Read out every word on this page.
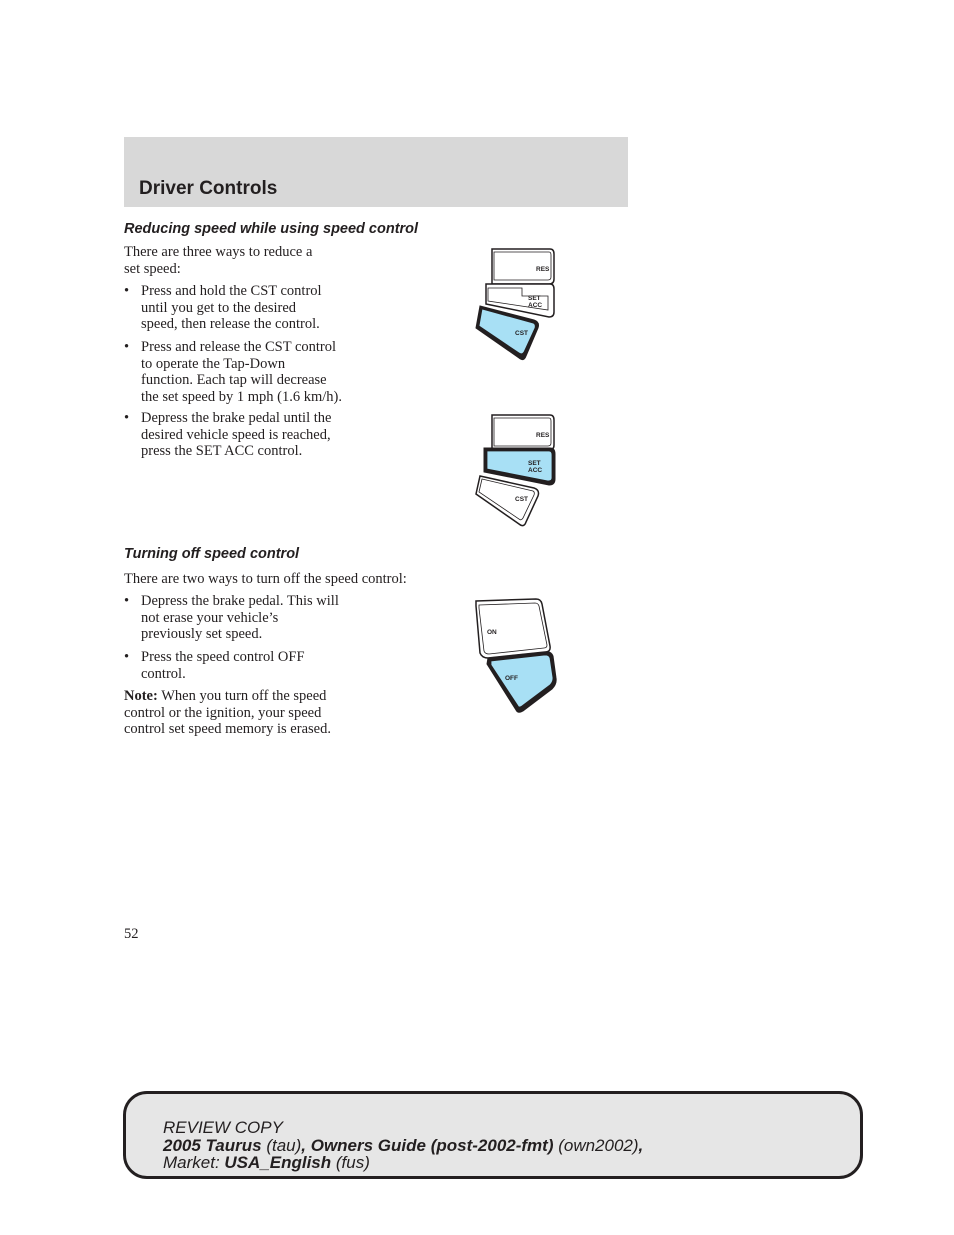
Driver Controls
Reducing speed while using speed control
There are three ways to reduce a
set speed:
• Press and hold the CST control
until you get to the desired
speed, then release the control.
• Press and release the CST control
to operate the Tap-Down
function. Each tap will decrease
the set speed by 1 mph (1.6 km/h).
• Depress the brake pedal until the
desired vehicle speed is reached,
press the SET ACC control.
RES
SET
ACC
CST
RES
SET
ACC
CST
Turning off speed control
There are two ways to turn off the speed control:
• Depress the brake pedal. This will
not erase your vehicle’s
previously set speed.
• Press the speed control OFF
control.
Note: When you turn off the speed
control or the ignition, your speed
control set speed memory is erased.
ON
OFF
52
REVIEW COPY
2005 Taurus (tau), Owners Guide (post-2002-fmt) (own2002),
Market: USA_English (fus)
